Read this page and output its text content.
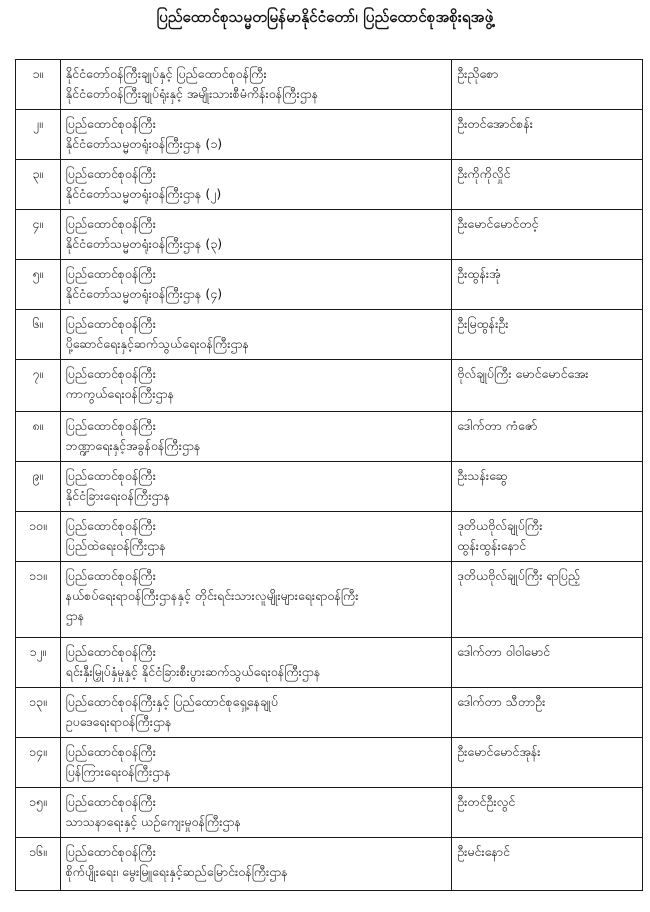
ပြည်ထောင်စုသမ္မတမြန်မာနိုင်ငံတော်၊ ပြည်ထောင်စုအစိုးရအဖွဲ့
၁။	နိုင်ငံတော်ဝန်ကြီးချုပ်နှင့် ပြည်ထောင်စုဝန်ကြီး
နိုင်ငံတော်ဝန်ကြီးချုပ်ရုံးနှင့် အမျိုးသားစီမံကိန်းဝန်ကြီးဌာန	ဦးညိုစော

၂။	ပြည်ထောင်စုဝန်ကြီး
နိုင်ငံတော်သမ္မတရုံးဝန်ကြီးဌာန (၁)	ဦးတင်အောင်စန်း

၃။	ပြည်ထောင်စုဝန်ကြီး
နိုင်ငံတော်သမ္မတရုံးဝန်ကြီးဌာန (၂)	ဦးကိုကိုလှိုင်

၄။	ပြည်ထောင်စုဝန်ကြီး
နိုင်ငံတော်သမ္မတရုံးဝန်ကြီးဌာန (၃)	ဦးမောင်မောင်တင့်

၅။	ပြည်ထောင်စုဝန်ကြီး
နိုင်ငံတော်သမ္မတရုံးဝန်ကြီးဌာန (၄)	ဦးထွန်းအုံ

၆။	ပြည်ထောင်စုဝန်ကြီး
ပို့ဆောင်ရေးနှင့်ဆက်သွယ်ရေးဝန်ကြီးဌာန	ဦးမြထွန်းဦး

၇။	ပြည်ထောင်စုဝန်ကြီး
ကာကွယ်ရေးဝန်ကြီးဌာန	ဗိုလ်ချုပ်ကြီး မောင်မောင်အေး

၈။	ပြည်ထောင်စုဝန်ကြီး
ဘဏ္ဍာရေးနှင့်အခွန်ဝန်ကြီးဌာန	ဒေါက်တာ ကံဇော်

၉။	ပြည်ထောင်စုဝန်ကြီး
နိုင်ငံခြားရေးဝန်ကြီးဌာန	ဦးသန်းဆွေ

၁၀။	ပြည်ထောင်စုဝန်ကြီး
ပြည်ထဲရေးဝန်ကြီးဌာန	ဒုတိယဗိုလ်ချုပ်ကြီး
ထွန်းထွန်းနောင်

၁၁။	ပြည်ထောင်စုဝန်ကြီး
နယ်စပ်ရေးရာဝန်ကြီးဌာနနှင့် တိုင်းရင်းသားလူမျိုးများရေးရာဝန်ကြီး
ဌာန	ဒုတိယဗိုလ်ချုပ်ကြီး ရာပြည့်

၁၂။	ပြည်ထောင်စုဝန်ကြီး
ရင်းနှီးမြှုပ်နှံမှုနှင့် နိုင်ငံခြားစီးပွားဆက်သွယ်ရေးဝန်ကြီးဌာန	ဒေါက်တာ ဝါဝါမောင်

၁၃။	ပြည်ထောင်စုဝန်ကြီးနှင့် ပြည်ထောင်စုရှေ့နေချုပ်
ဥပဒေရေးရာဝန်ကြီးဌာန	ဒေါက်တာ သီတာဦး

၁၄။	ပြည်ထောင်စုဝန်ကြီး
ပြန်ကြားရေးဝန်ကြီးဌာန	ဦးမောင်မောင်အုန်း

၁၅။	ပြည်ထောင်စုဝန်ကြီး
သာသနာရေးနှင့် ယဉ်ကျေးမှုဝန်ကြီးဌာန	ဦးတင်ဦးလွင်

၁၆။	ပြည်ထောင်စုဝန်ကြီး
စိုက်ပျိုးရေး၊ မွေးမြူရေးနှင့်ဆည်မြောင်းဝန်ကြီးဌာန	ဦးမင်းနောင်
